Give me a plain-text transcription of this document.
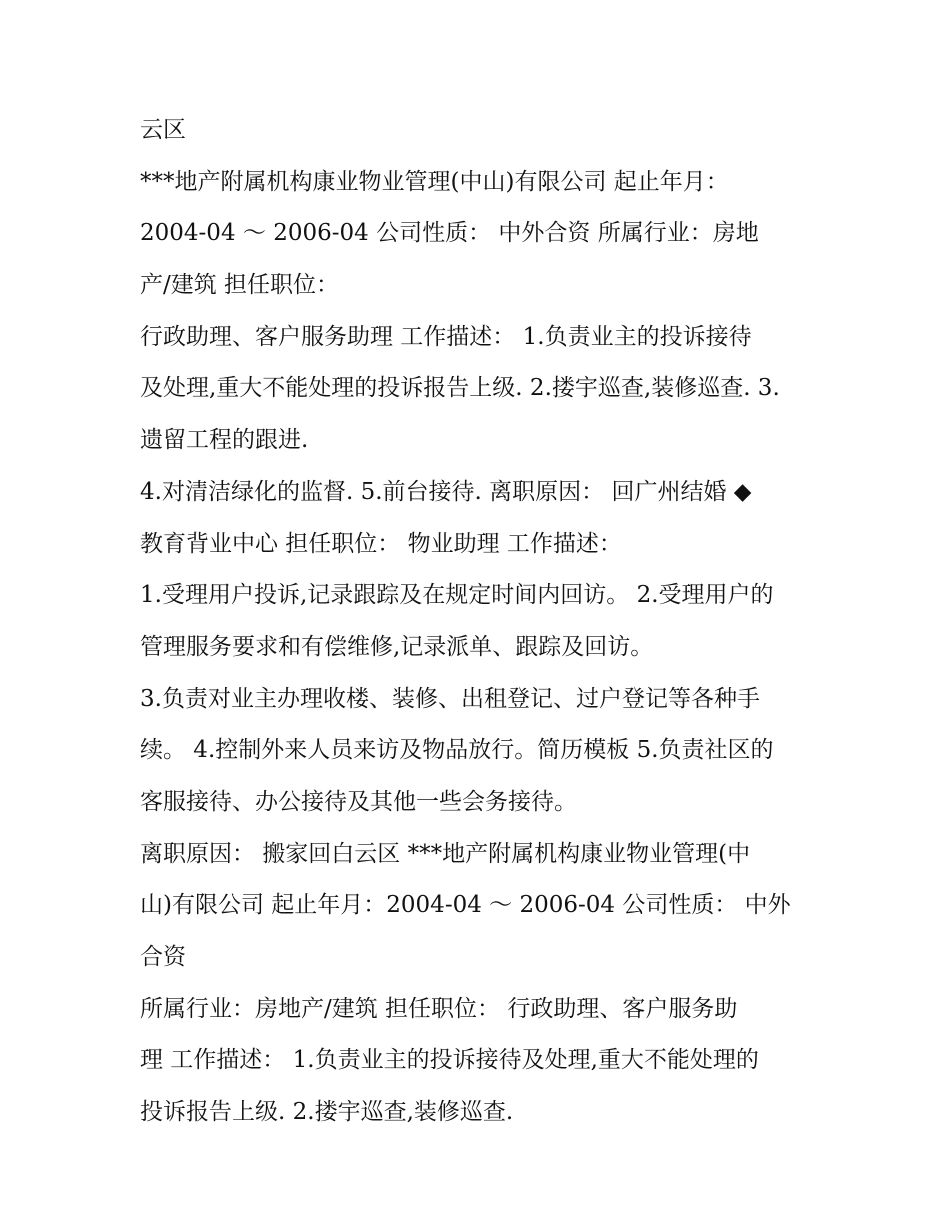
云区
***地产附属机构康业物业管理(中山)有限公司 起止年月：
2004-04 ～ 2006-04 公司性质： 中外合资 所属行业：房地
产/建筑 担任职位：
行政助理、客户服务助理 工作描述： 1.负责业主的投诉接待
及处理,重大不能处理的投诉报告上级. 2.搂宇巡查,装修巡查. 3.
遗留工程的跟进.
4.对清洁绿化的监督. 5.前台接待. 离职原因： 回广州结婚 ◆
教育背业中心 担任职位： 物业助理 工作描述：
1.受理用户投诉,记录跟踪及在规定时间内回访。 2.受理用户的
管理服务要求和有偿维修,记录派单、跟踪及回访。
3.负责对业主办理收楼、装修、出租登记、过户登记等各种手
续。 4.控制外来人员来访及物品放行。简历模板 5.负责社区的
客服接待、办公接待及其他一些会务接待。
离职原因： 搬家回白云区 ***地产附属机构康业物业管理(中
山)有限公司 起止年月：2004-04 ～ 2006-04 公司性质： 中外
合资
所属行业：房地产/建筑 担任职位： 行政助理、客户服务助
理 工作描述： 1.负责业主的投诉接待及处理,重大不能处理的
投诉报告上级. 2.搂宇巡查,装修巡查.
